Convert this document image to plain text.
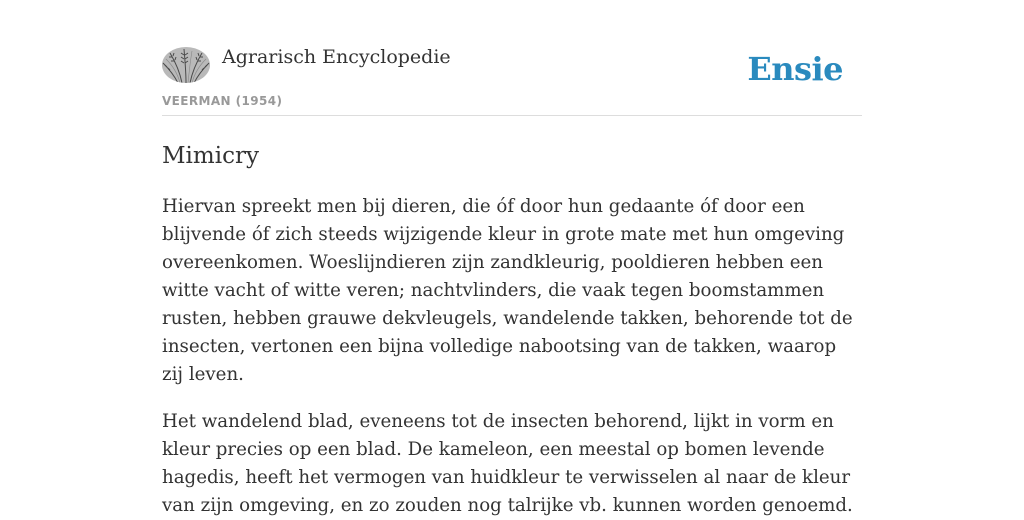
Agrarisch Encyclopedie
VEERMAN (1954)
Ensie
Mimicry

Hiervan spreekt men bij dieren, die óf door hun gedaante óf door een blijvende óf zich steeds wijzigende kleur in grote mate met hun omgeving overeenkomen. Woeslijndieren zijn zandkleurig, pooldieren hebben een witte vacht of witte veren; nachtvlinders, die vaak tegen boomstammen rusten, hebben grauwe dekvleugels, wandelende takken, behorende tot de insecten, vertonen een bijna volledige nabootsing van de takken, waarop zij leven.

Het wandelend blad, eveneens tot de insecten behorend, lijkt in vorm en kleur precies op een blad. De kameleon, een meestal op bomen levende hagedis, heeft het vermogen van huidkleur te verwisselen al naar de kleur van zijn omgeving, en zo zouden nog talrijke vb. kunnen worden genoemd.
